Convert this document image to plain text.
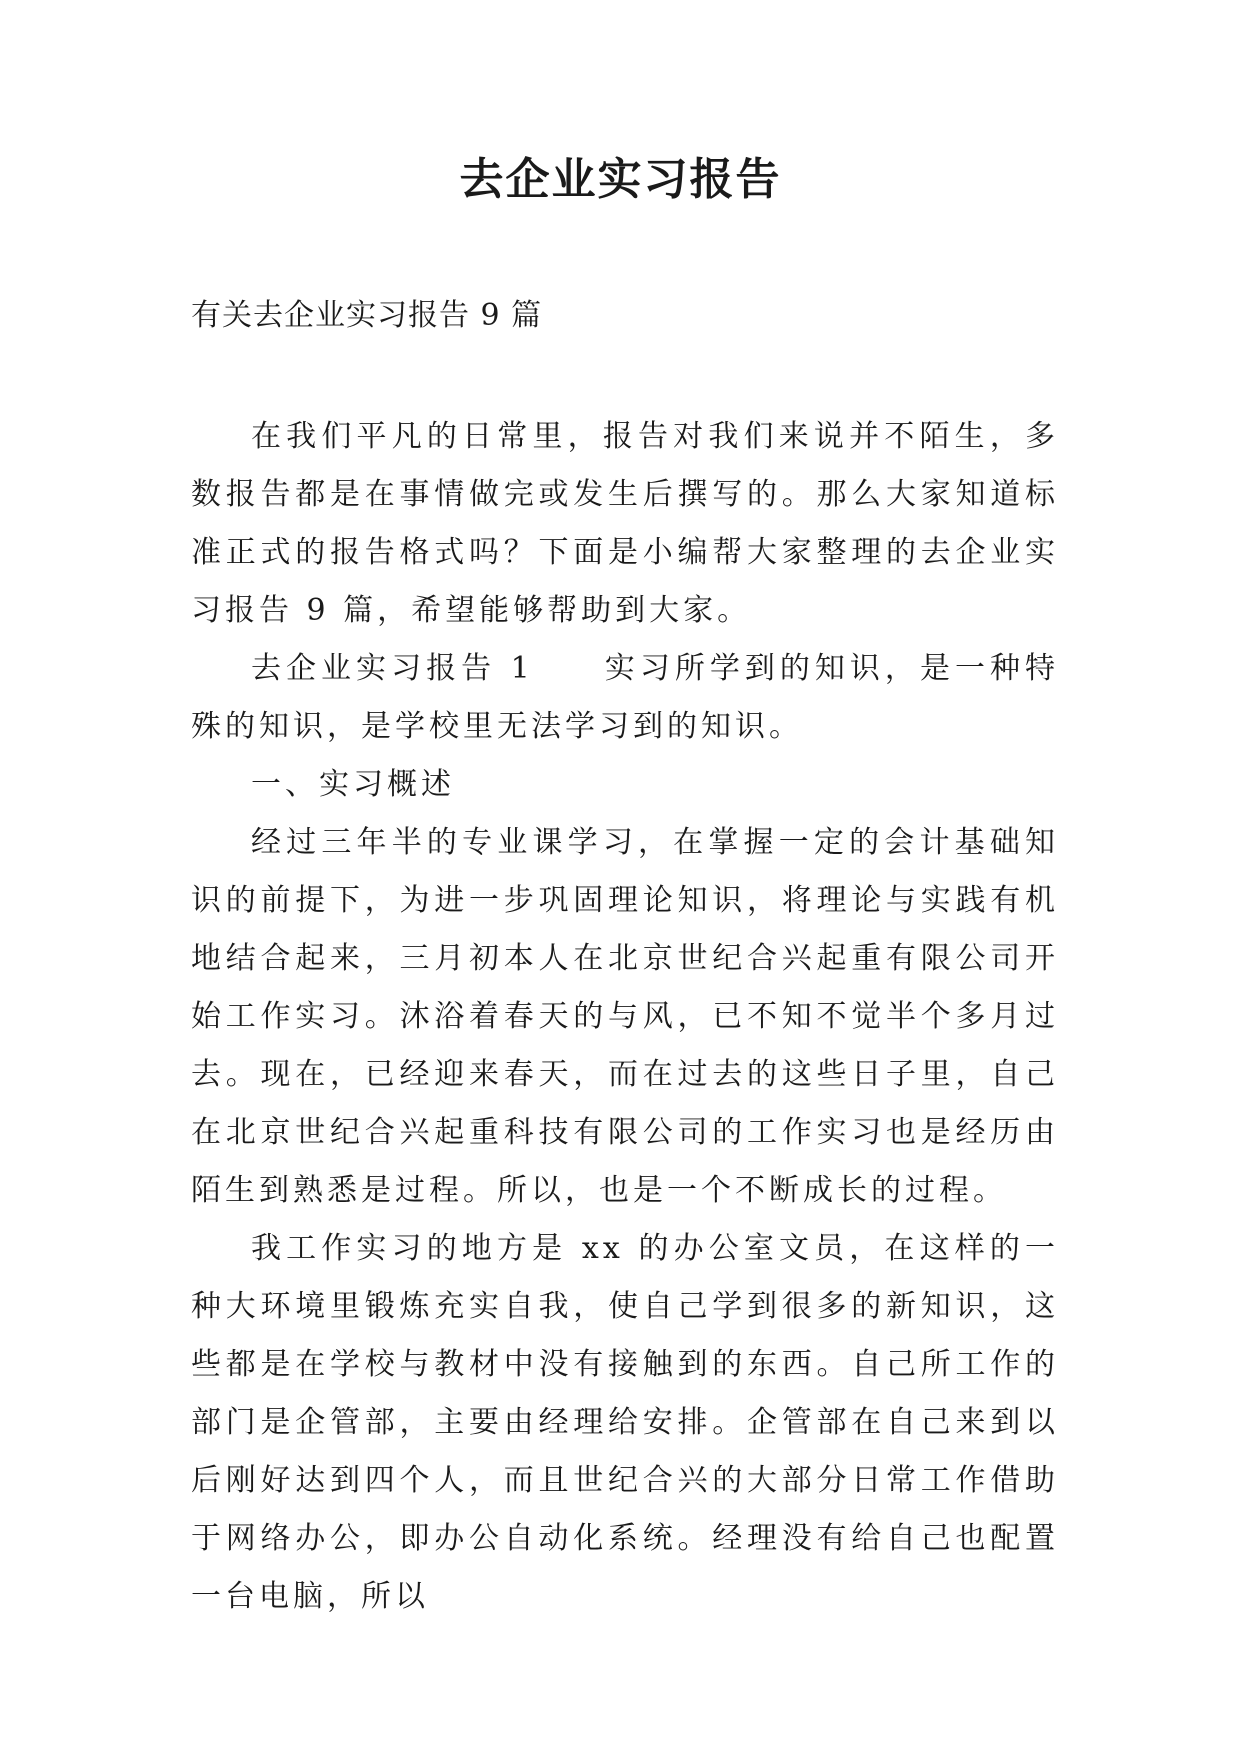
去企业实习报告

有关去企业实习报告 9 篇

在我们平凡的日常里，报告对我们来说并不陌生，多数报告都是在事情做完或发生后撰写的。那么大家知道标准正式的报告格式吗？下面是小编帮大家整理的去企业实习报告 9 篇，希望能够帮助到大家。

去企业实习报告 1　　实习所学到的知识，是一种特殊的知识，是学校里无法学习到的知识。

一、实习概述

经过三年半的专业课学习，在掌握一定的会计基础知识的前提下，为进一步巩固理论知识，将理论与实践有机地结合起来，三月初本人在北京世纪合兴起重有限公司开始工作实习。沐浴着春天的与风，已不知不觉半个多月过去。现在，已经迎来春天，而在过去的这些日子里，自己在北京世纪合兴起重科技有限公司的工作实习也是经历由陌生到熟悉是过程。所以，也是一个不断成长的过程。

我工作实习的地方是 xx 的办公室文员，在这样的一种大环境里锻炼充实自我，使自己学到很多的新知识，这些都是在学校与教材中没有接触到的东西。自己所工作的部门是企管部，主要由经理给安排。企管部在自己来到以后刚好达到四个人，而且世纪合兴的大部分日常工作借助于网络办公，即办公自动化系统。经理没有给自己也配置一台电脑，所以
